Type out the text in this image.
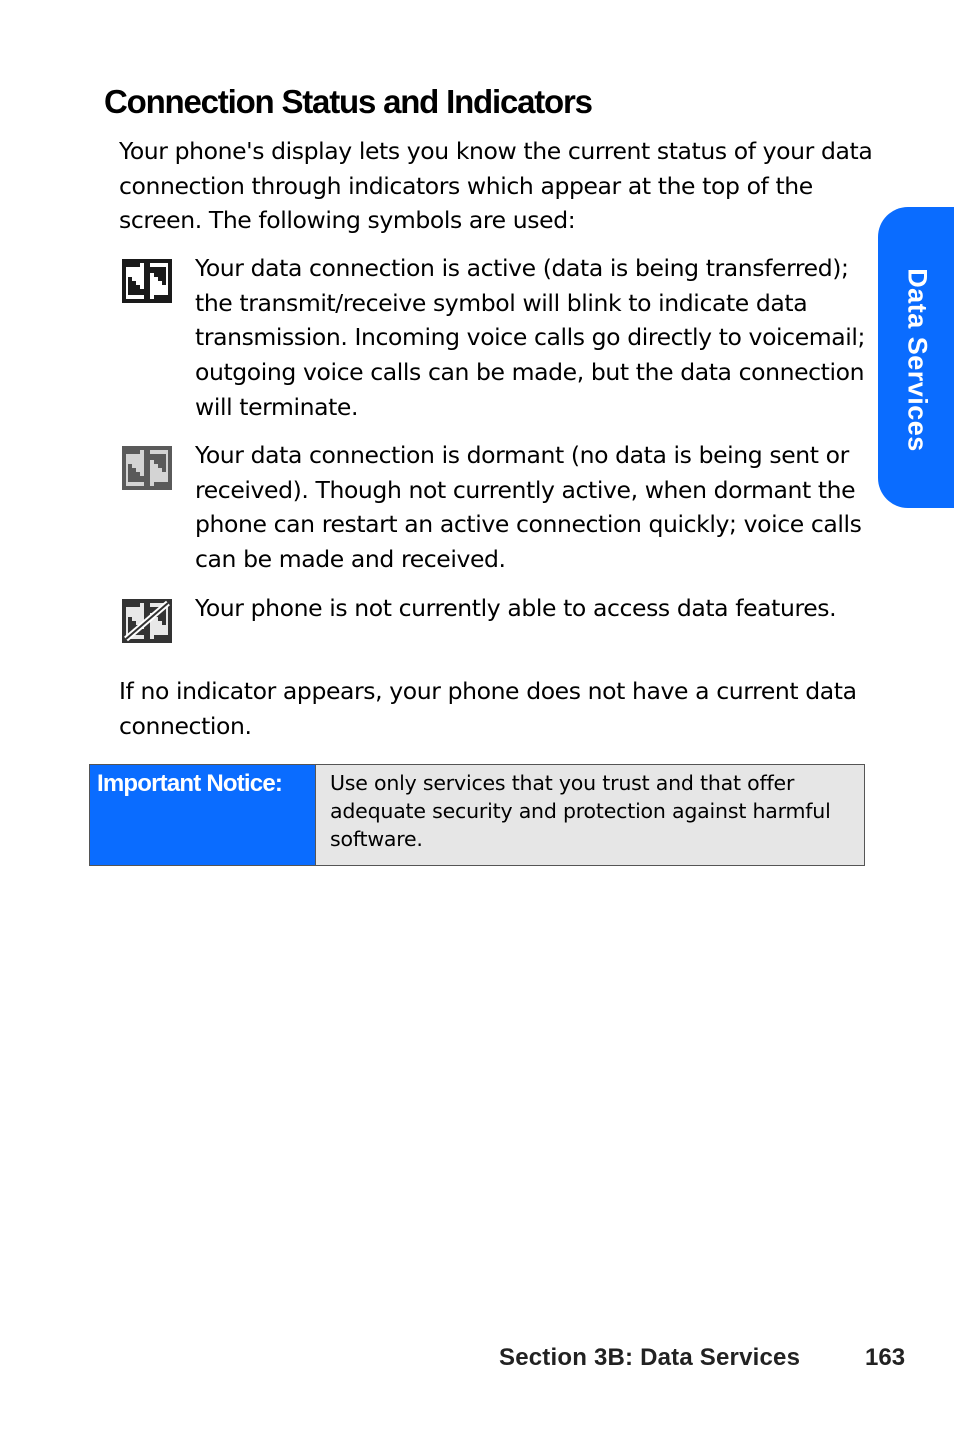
Connection Status and Indicators

Your phone's display lets you know the current status of your data connection through indicators which appear at the top of the screen. The following symbols are used:

Your data connection is active (data is being transferred); the transmit/receive symbol will blink to indicate data transmission. Incoming voice calls go directly to voicemail; outgoing voice calls can be made, but the data connection will terminate.

Your data connection is dormant (no data is being sent or received). Though not currently active, when dormant the phone can restart an active connection quickly; voice calls can be made and received.

Your phone is not currently able to access data features.

If no indicator appears, your phone does not have a current data connection.

Important Notice:	Use only services that you trust and that offer adequate security and protection against harmful software.

Data Services
Section 3B: Data Services	163
